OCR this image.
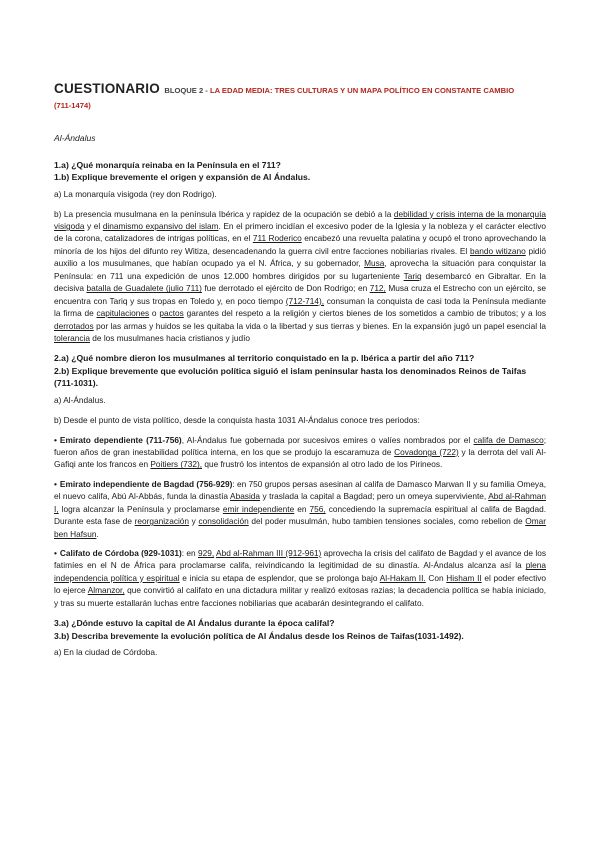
CUESTIONARIO BLOQUE 2 - LA EDAD MEDIA: TRES CULTURAS Y UN MAPA POLÍTICO EN CONSTANTE CAMBIO
(711-1474)
Al-Ándalus

1.a) ¿Qué monarquía reinaba en la Península en el 711?

1.b) Explique brevemente el origen y expansión de Al Ándalus.

a) La monarquía visigoda (rey don Rodrigo).

b) La presencia musulmana en la península Ibérica y rapidez de la ocupación se debió a la debilidad y crisis interna de la monarquía visigoda y el dinamismo expansivo del islam. En el primero incidían el excesivo poder de la Iglesia y la nobleza y el carácter electivo de la corona, catalizadores de intrigas políticas, en el 711 Roderico encabezó una revuelta palatina y ocupó el trono aprovechando la minoría de los hijos del difunto rey Witiza, desencadenando la guerra civil entre facciones nobiliarias rivales. El bando witizano pidió auxilio a los musulmanes, que habían ocupado ya el N. África, y su gobernador, Musa, aprovecha la situación para conquistar la Península: en 711 una expedición de unos 12.000 hombres dirigidos por su lugarteniente Tariq desembarcó en Gibraltar. En la decisiva batalla de Guadalete (julio 711) fue derrotado el ejército de Don Rodrigo; en 712, Musa cruza el Estrecho con un ejército, se encuentra con Tariq y sus tropas en Toledo y, en poco tiempo (712-714), consuman la conquista de casi toda la Península mediante la firma de capitulaciones o pactos garantes del respeto a la religión y ciertos bienes de los sometidos a cambio de tributos; y a los derrotados por las armas y huidos se les quitaba la vida o la libertad y sus tierras y bienes. En la expansión jugó un papel esencial la tolerancia de los musulmanes hacia cristianos y judío

2.a) ¿Qué nombre dieron los musulmanes al territorio conquistado en la p. Ibérica a partir del año 711?

2.b) Explique brevemente que evolución política siguió el islam peninsular hasta los denominados Reinos de Taifas (711-1031).

a) Al-Ándalus.

b) Desde el punto de vista político, desde la conquista hasta 1031 Al-Ándalus conoce tres periodos:

• Emirato dependiente (711-756), Al-Ándalus fue gobernada por sucesivos emires o valíes nombrados por el califa de Damasco; fueron años de gran inestabilidad política interna, en los que se produjo la escaramuza de Covadonga (722) y la derrota del valí Al-Gafiqi ante los francos en Poitiers (732), que frustró los intentos de expansión al otro lado de los Pirineos.

• Emirato independiente de Bagdad (756-929): en 750 grupos persas asesinan al califa de Damasco Marwan II y su familia Omeya, el nuevo califa, Abú Al-Abbás, funda la dinastía Abasida y traslada la capital a Bagdad; pero un omeya superviviente, Abd al-Rahman I, logra alcanzar la Península y proclamarse emir independiente en 756, concediendo la supremacía espiritual al califa de Bagdad. Durante esta fase de reorganización y consolidación del poder musulmán, hubo tambien tensiones sociales, como rebelion de Omar ben Hafsun.

• Califato de Córdoba (929-1031): en 929, Abd al-Rahman III (912-961) aprovecha la crisis del califato de Bagdad y el avance de los fatimíes en el N de África para proclamarse califa, reivindicando la legitimidad de su dinastía. Al-Ándalus alcanza así la plena independencia política y espiritual e inicia su etapa de esplendor, que se prolonga bajo Al-Hakam II. Con Hisham II el poder efectivo lo ejerce Almanzor, que convirtió al califato en una dictadura militar y realizó exitosas razias; la decadencia política se había iniciado, y tras su muerte estallarán luchas entre facciones nobiliarias que acabarán desintegrando el califato.

3.a) ¿Dónde estuvo la capital de Al Ándalus durante la época califal?

3.b) Describa brevemente la evolución política de Al Ándalus desde los Reinos de Taifas(1031-1492).

a) En la ciudad de Córdoba.
